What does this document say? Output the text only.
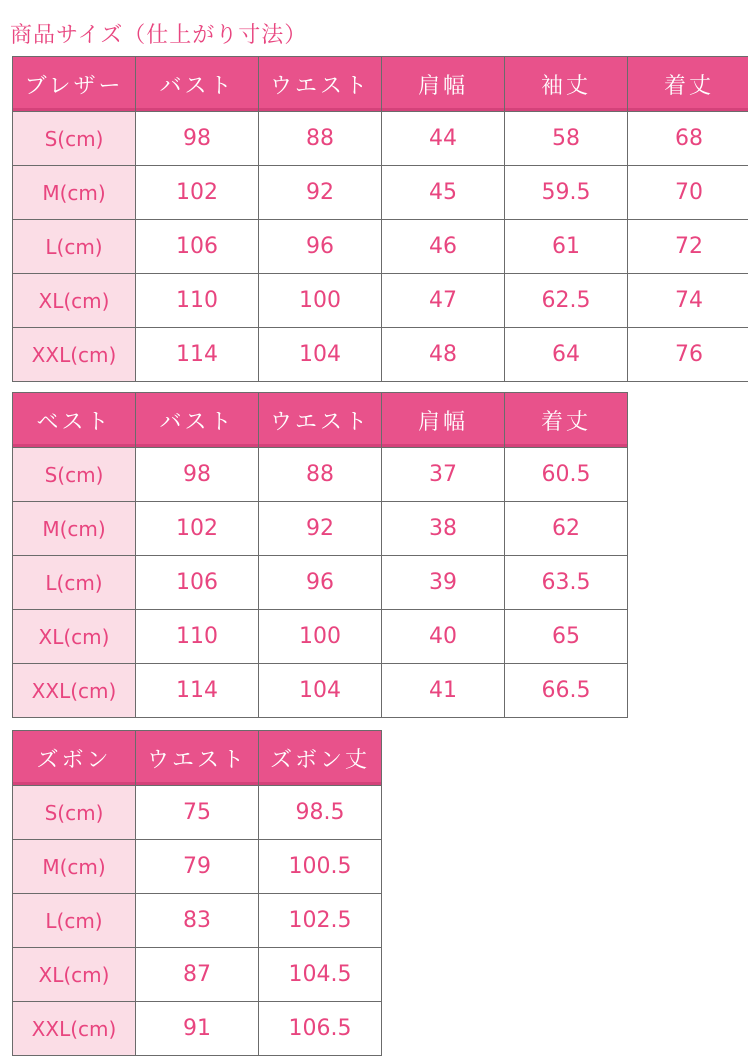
商品サイズ（仕上がり寸法）
ブレザー	バスト	ウエスト	肩幅	袖丈	着丈
S(cm)	98	88	44	58	68
M(cm)	102	92	45	59.5	70
L(cm)	106	96	46	61	72
XL(cm)	110	100	47	62.5	74
XXL(cm)	114	104	48	64	76
ベスト	バスト	ウエスト	肩幅	着丈
S(cm)	98	88	37	60.5
M(cm)	102	92	38	62
L(cm)	106	96	39	63.5
XL(cm)	110	100	40	65
XXL(cm)	114	104	41	66.5
ズボン	ウエスト	ズボン丈
S(cm)	75	98.5
M(cm)	79	100.5
L(cm)	83	102.5
XL(cm)	87	104.5
XXL(cm)	91	106.5
